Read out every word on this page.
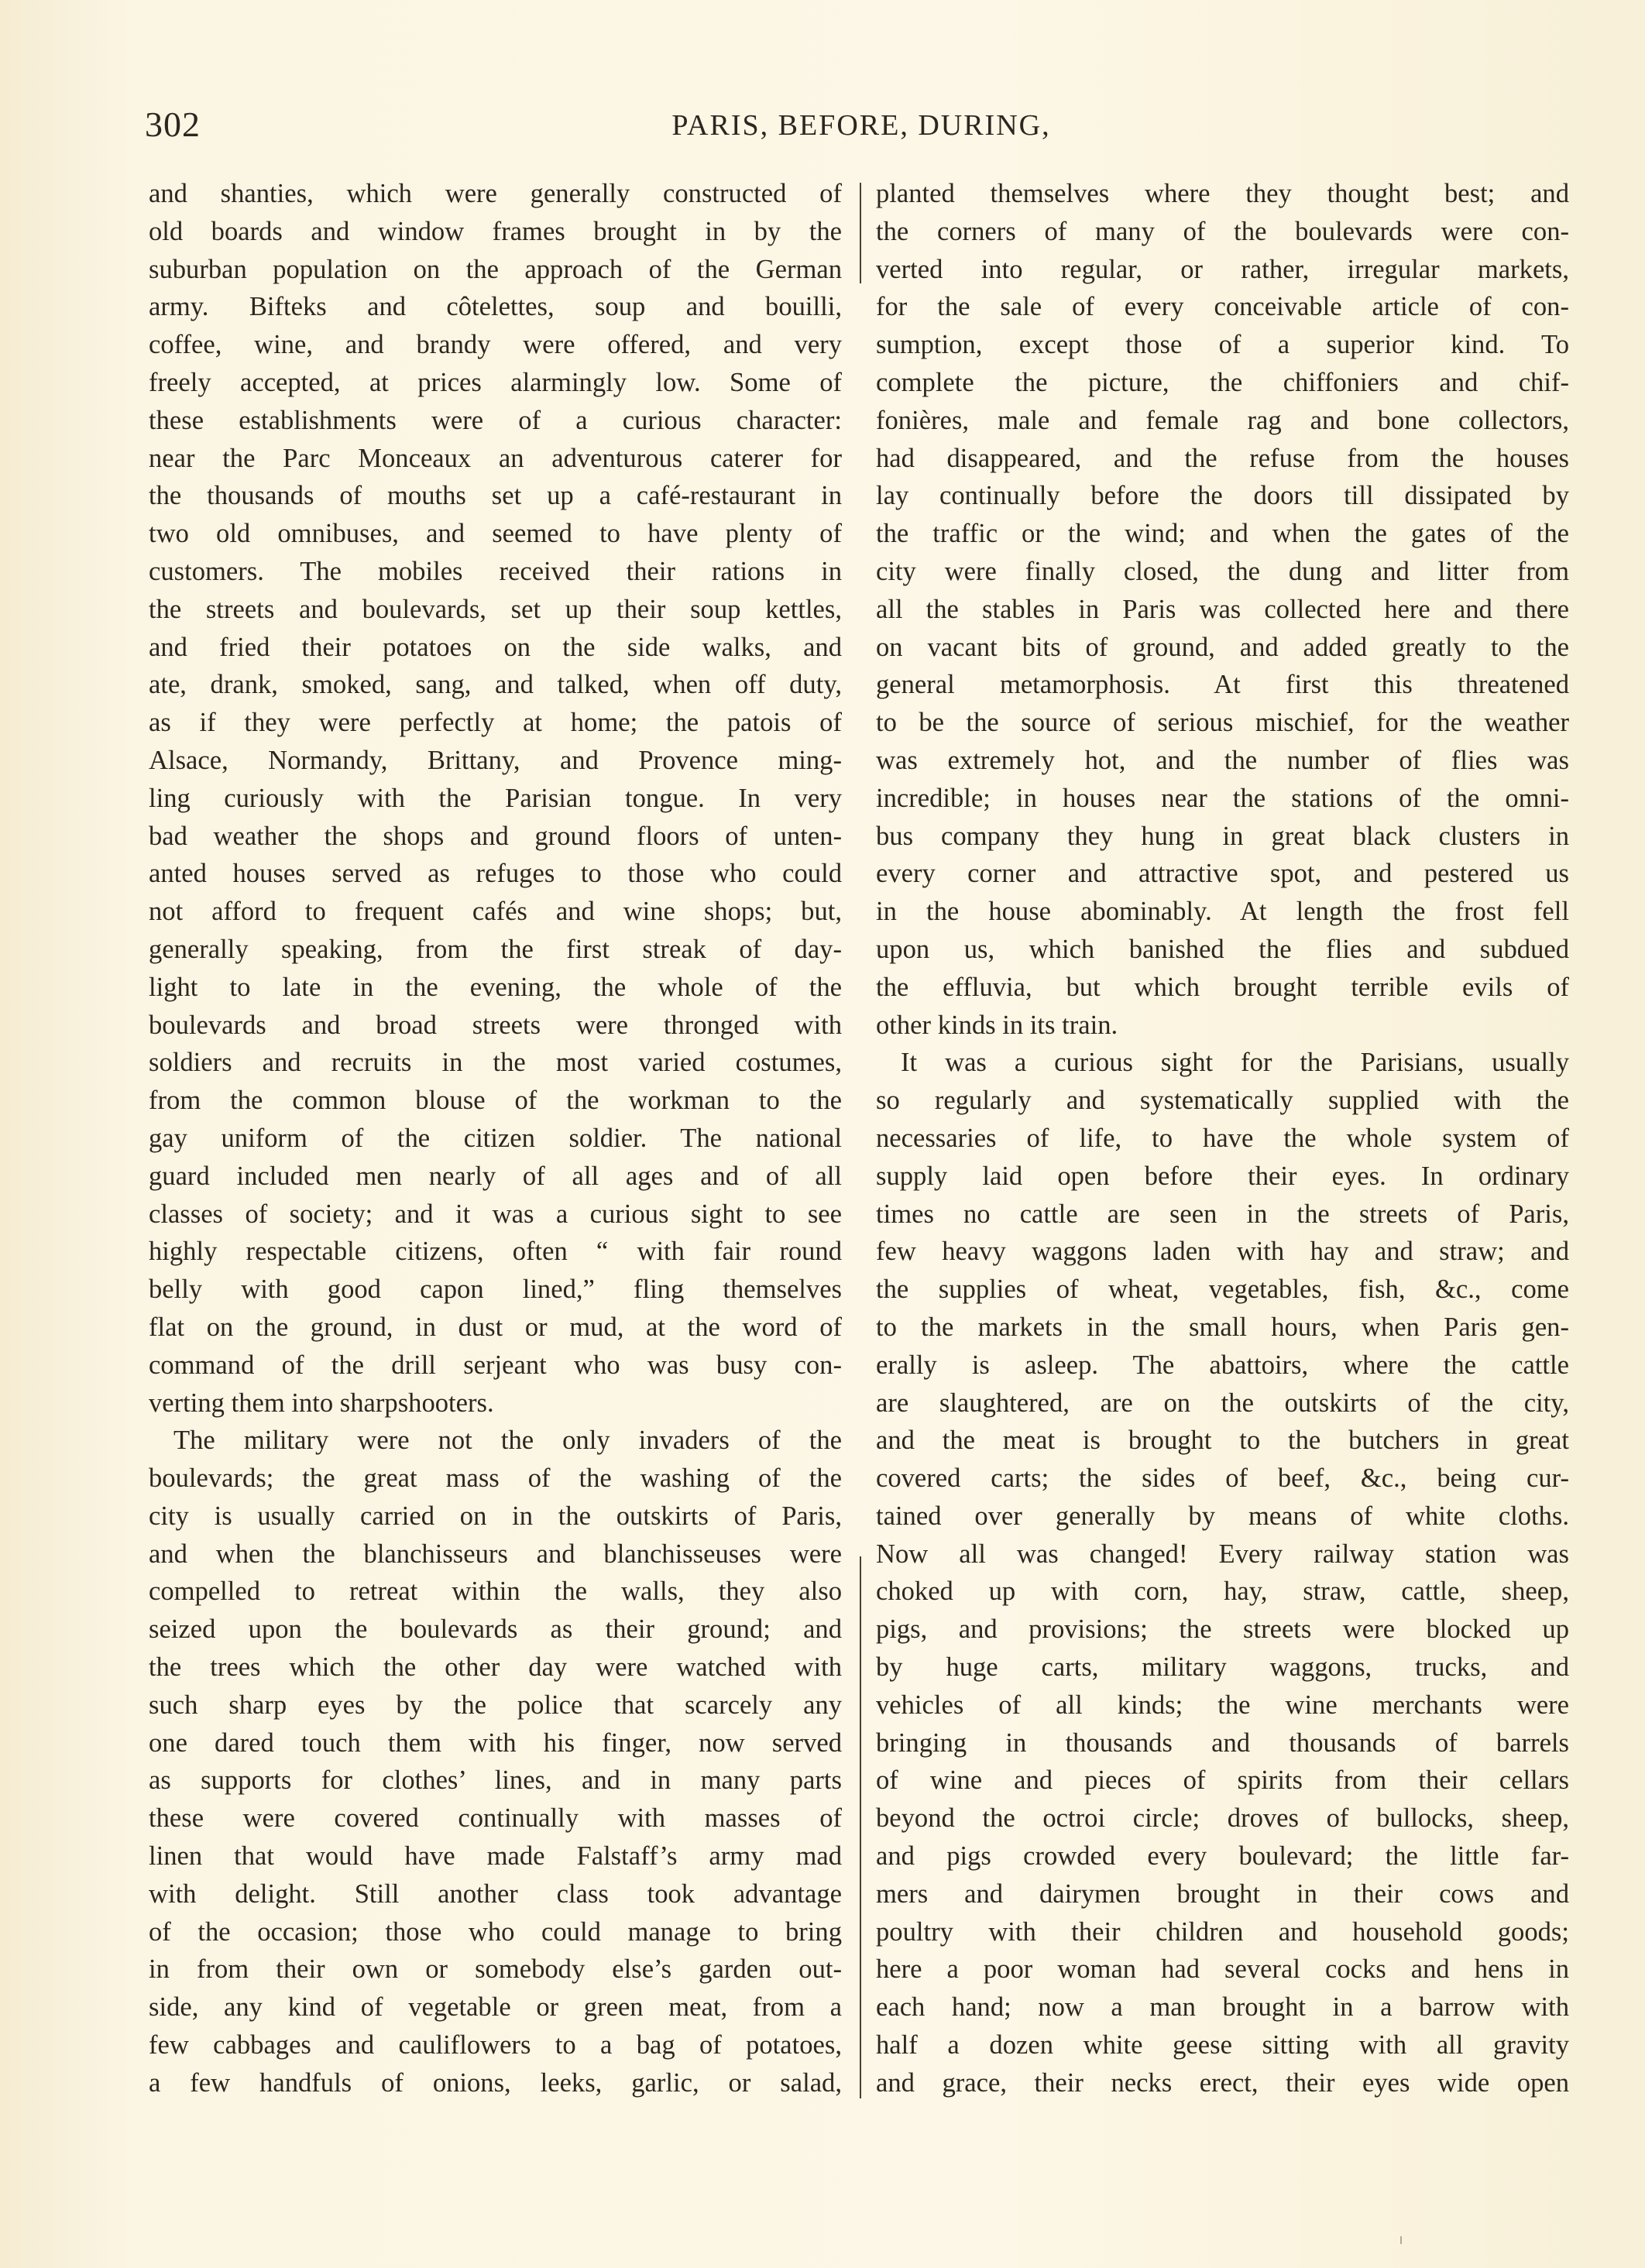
302	PARIS, BEFORE, DURING,
and shanties, which were generally constructed of
old boards and window frames brought in by the
suburban population on the approach of the German
army. Bifteks and côtelettes, soup and bouilli,
coffee, wine, and brandy were offered, and very
freely accepted, at prices alarmingly low. Some of
these establishments were of a curious character:
near the Parc Monceaux an adventurous caterer for
the thousands of mouths set up a café-restaurant in
two old omnibuses, and seemed to have plenty of
customers. The mobiles received their rations in
the streets and boulevards, set up their soup kettles,
and fried their potatoes on the side walks, and
ate, drank, smoked, sang, and talked, when off duty,
as if they were perfectly at home; the patois of
Alsace, Normandy, Brittany, and Provence ming-
ling curiously with the Parisian tongue. In very
bad weather the shops and ground floors of unten-
anted houses served as refuges to those who could
not afford to frequent cafés and wine shops; but,
generally speaking, from the first streak of day-
light to late in the evening, the whole of the
boulevards and broad streets were thronged with
soldiers and recruits in the most varied costumes,
from the common blouse of the workman to the
gay uniform of the citizen soldier. The national
guard included men nearly of all ages and of all
classes of society; and it was a curious sight to see
highly respectable citizens, often “ with fair round
belly with good capon lined,” fling themselves
flat on the ground, in dust or mud, at the word of
command of the drill serjeant who was busy con-
verting them into sharpshooters.
The military were not the only invaders of the
boulevards; the great mass of the washing of the
city is usually carried on in the outskirts of Paris,
and when the blanchisseurs and blanchisseuses were
compelled to retreat within the walls, they also
seized upon the boulevards as their ground; and
the trees which the other day were watched with
such sharp eyes by the police that scarcely any
one dared touch them with his finger, now served
as supports for clothes’ lines, and in many parts
these were covered continually with masses of
linen that would have made Falstaff’s army mad
with delight. Still another class took advantage
of the occasion; those who could manage to bring
in from their own or somebody else’s garden out-
side, any kind of vegetable or green meat, from a
few cabbages and cauliflowers to a bag of potatoes,
a few handfuls of onions, leeks, garlic, or salad,
planted themselves where they thought best; and
the corners of many of the boulevards were con-
verted into regular, or rather, irregular markets,
for the sale of every conceivable article of con-
sumption, except those of a superior kind. To
complete the picture, the chiffoniers and chif-
fonières, male and female rag and bone collectors,
had disappeared, and the refuse from the houses
lay continually before the doors till dissipated by
the traffic or the wind; and when the gates of the
city were finally closed, the dung and litter from
all the stables in Paris was collected here and there
on vacant bits of ground, and added greatly to the
general metamorphosis. At first this threatened
to be the source of serious mischief, for the weather
was extremely hot, and the number of flies was
incredible; in houses near the stations of the omni-
bus company they hung in great black clusters in
every corner and attractive spot, and pestered us
in the house abominably. At length the frost fell
upon us, which banished the flies and subdued
the effluvia, but which brought terrible evils of
other kinds in its train.
It was a curious sight for the Parisians, usually
so regularly and systematically supplied with the
necessaries of life, to have the whole system of
supply laid open before their eyes. In ordinary
times no cattle are seen in the streets of Paris,
few heavy waggons laden with hay and straw; and
the supplies of wheat, vegetables, fish, &c., come
to the markets in the small hours, when Paris gen-
erally is asleep. The abattoirs, where the cattle
are slaughtered, are on the outskirts of the city,
and the meat is brought to the butchers in great
covered carts; the sides of beef, &c., being cur-
tained over generally by means of white cloths.
Now all was changed! Every railway station was
choked up with corn, hay, straw, cattle, sheep,
pigs, and provisions; the streets were blocked up
by huge carts, military waggons, trucks, and
vehicles of all kinds; the wine merchants were
bringing in thousands and thousands of barrels
of wine and pieces of spirits from their cellars
beyond the octroi circle; droves of bullocks, sheep,
and pigs crowded every boulevard; the little far-
mers and dairymen brought in their cows and
poultry with their children and household goods;
here a poor woman had several cocks and hens in
each hand; now a man brought in a barrow with
half a dozen white geese sitting with all gravity
and grace, their necks erect, their eyes wide open
